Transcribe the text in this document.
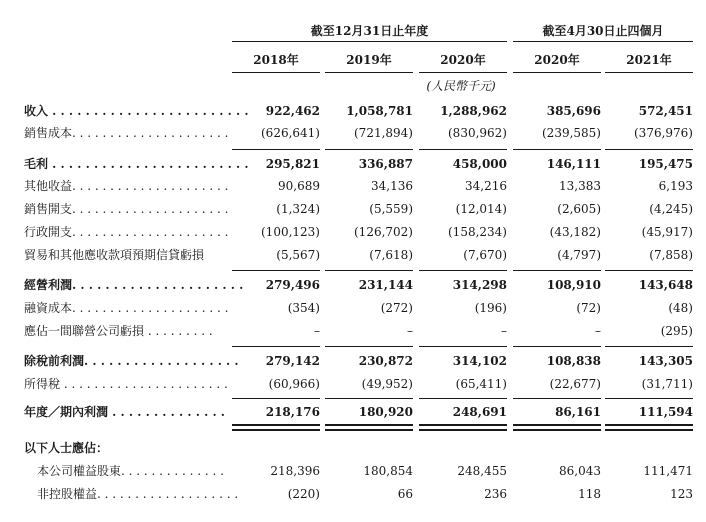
截至12月31日止年度	截至4月30日止四個月
2018年	2019年	2020年	2020年	2021年
(人民幣千元)
收入 . . . . . . . . . . . . . . . . . . . . . . . .	922,462	1,058,781	1,288,962	385,696	572,451
銷售成本. . . . . . . . . . . . . . . . . . . . .	(626,641)	(721,894)	(830,962)	(239,585)	(376,976)
毛利 . . . . . . . . . . . . . . . . . . . . . . . .	295,821	336,887	458,000	146,111	195,475
其他收益. . . . . . . . . . . . . . . . . . . . .	90,689	34,136	34,216	13,383	6,193
銷售開支. . . . . . . . . . . . . . . . . . . . .	(1,324)	(5,559)	(12,014)	(2,605)	(4,245)
行政開支. . . . . . . . . . . . . . . . . . . . .	(100,123)	(126,702)	(158,234)	(43,182)	(45,917)
貿易和其他應收款項預期信貸虧損	(5,567)	(7,618)	(7,670)	(4,797)	(7,858)
經營利潤. . . . . . . . . . . . . . . . . . . . .	279,496	231,144	314,298	108,910	143,648
融資成本. . . . . . . . . . . . . . . . . . . . .	(354)	(272)	(196)	(72)	(48)
應佔一間聯營公司虧損 . . . . . . . . .	–	–	–	–	(295)
除稅前利潤. . . . . . . . . . . . . . . . . . .	279,142	230,872	314,102	108,838	143,305
所得稅 . . . . . . . . . . . . . . . . . . . . . .	(60,966)	(49,952)	(65,411)	(22,677)	(31,711)
年度／期內利潤 . . . . . . . . . . . . . .	218,176	180,920	248,691	86,161	111,594
以下人士應佔：
本公司權益股東. . . . . . . . . . . . . .	218,396	180,854	248,455	86,043	111,471
非控股權益. . . . . . . . . . . . . . . . . . .	(220)	66	236	118	123
